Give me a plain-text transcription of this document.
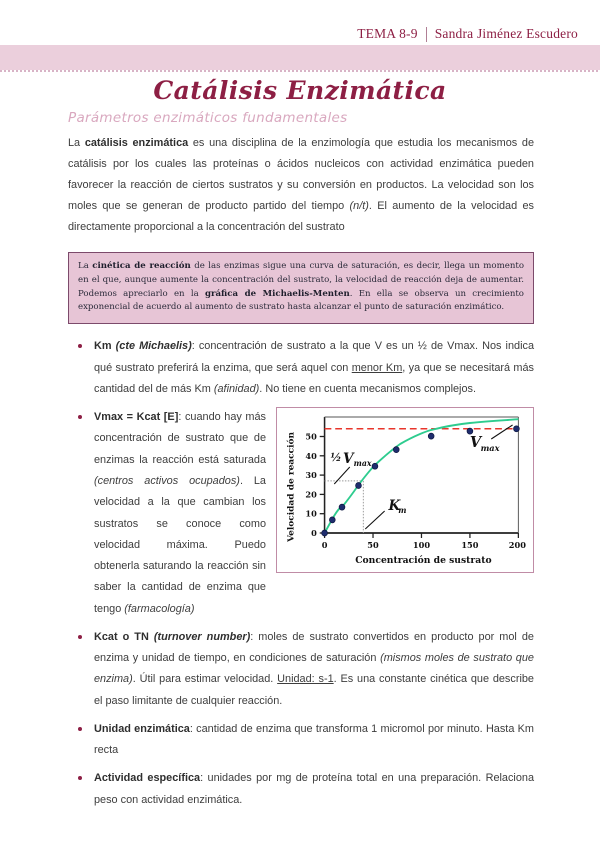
TEMA 8-9 Sandra Jiménez Escudero
Catálisis Enzimática
Parámetros enzimáticos fundamentales

La catálisis enzimática es una disciplina de la enzimología que estudia los mecanismos de catálisis por los cuales las proteínas o ácidos nucleicos con actividad enzimática pueden favorecer la reacción de ciertos sustratos y su conversión en productos. La velocidad son los moles que se generan de producto partido del tiempo (n/t). El aumento de la velocidad es directamente proporcional a la concentración del sustrato

La cinética de reacción de las enzimas sigue una curva de saturación, es decir, llega un momento en el que, aunque aumente la concentración del sustrato, la velocidad de reacción deja de aumentar. Podemos apreciarlo en la gráfica de Michaelis-Menten. En ella se observa un crecimiento exponencial de acuerdo al aumento de sustrato hasta alcanzar el punto de saturación enzimático.
Km (cte Michaelis): concentración de sustrato a la que V es un ½ de Vmax. Nos indica qué sustrato preferirá la enzima, que será aquel con menor Km, ya que se necesitará más cantidad del de más Km (afinidad). No tiene en cuenta mecanismos complejos.
0
10
20
30
40
50
0	50	100	150	200
½ V max
K
m
V max
Velocidad de reacción
Concentración de sustrato
Vmax = Kcat [E]: cuando hay más concentración de sustrato que de enzimas la reacción está saturada (centros activos ocupados). La velocidad a la que cambian los sustratos se conoce como velocidad máxima. Puedo obtenerla saturando la reacción sin saber la cantidad de enzima que tengo (farmacología)
Kcat o TN (turnover number): moles de sustrato convertidos en producto por mol de enzima y unidad de tiempo, en condiciones de saturación (mismos moles de sustrato que enzima). Útil para estimar velocidad. Unidad: s-1. Es una constante cinética que describe el paso limitante de cualquier reacción.
Unidad enzimática: cantidad de enzima que transforma 1 micromol por minuto. Hasta Km recta
Actividad específica: unidades por mg de proteína total en una preparación. Relaciona peso con actividad enzimática.
